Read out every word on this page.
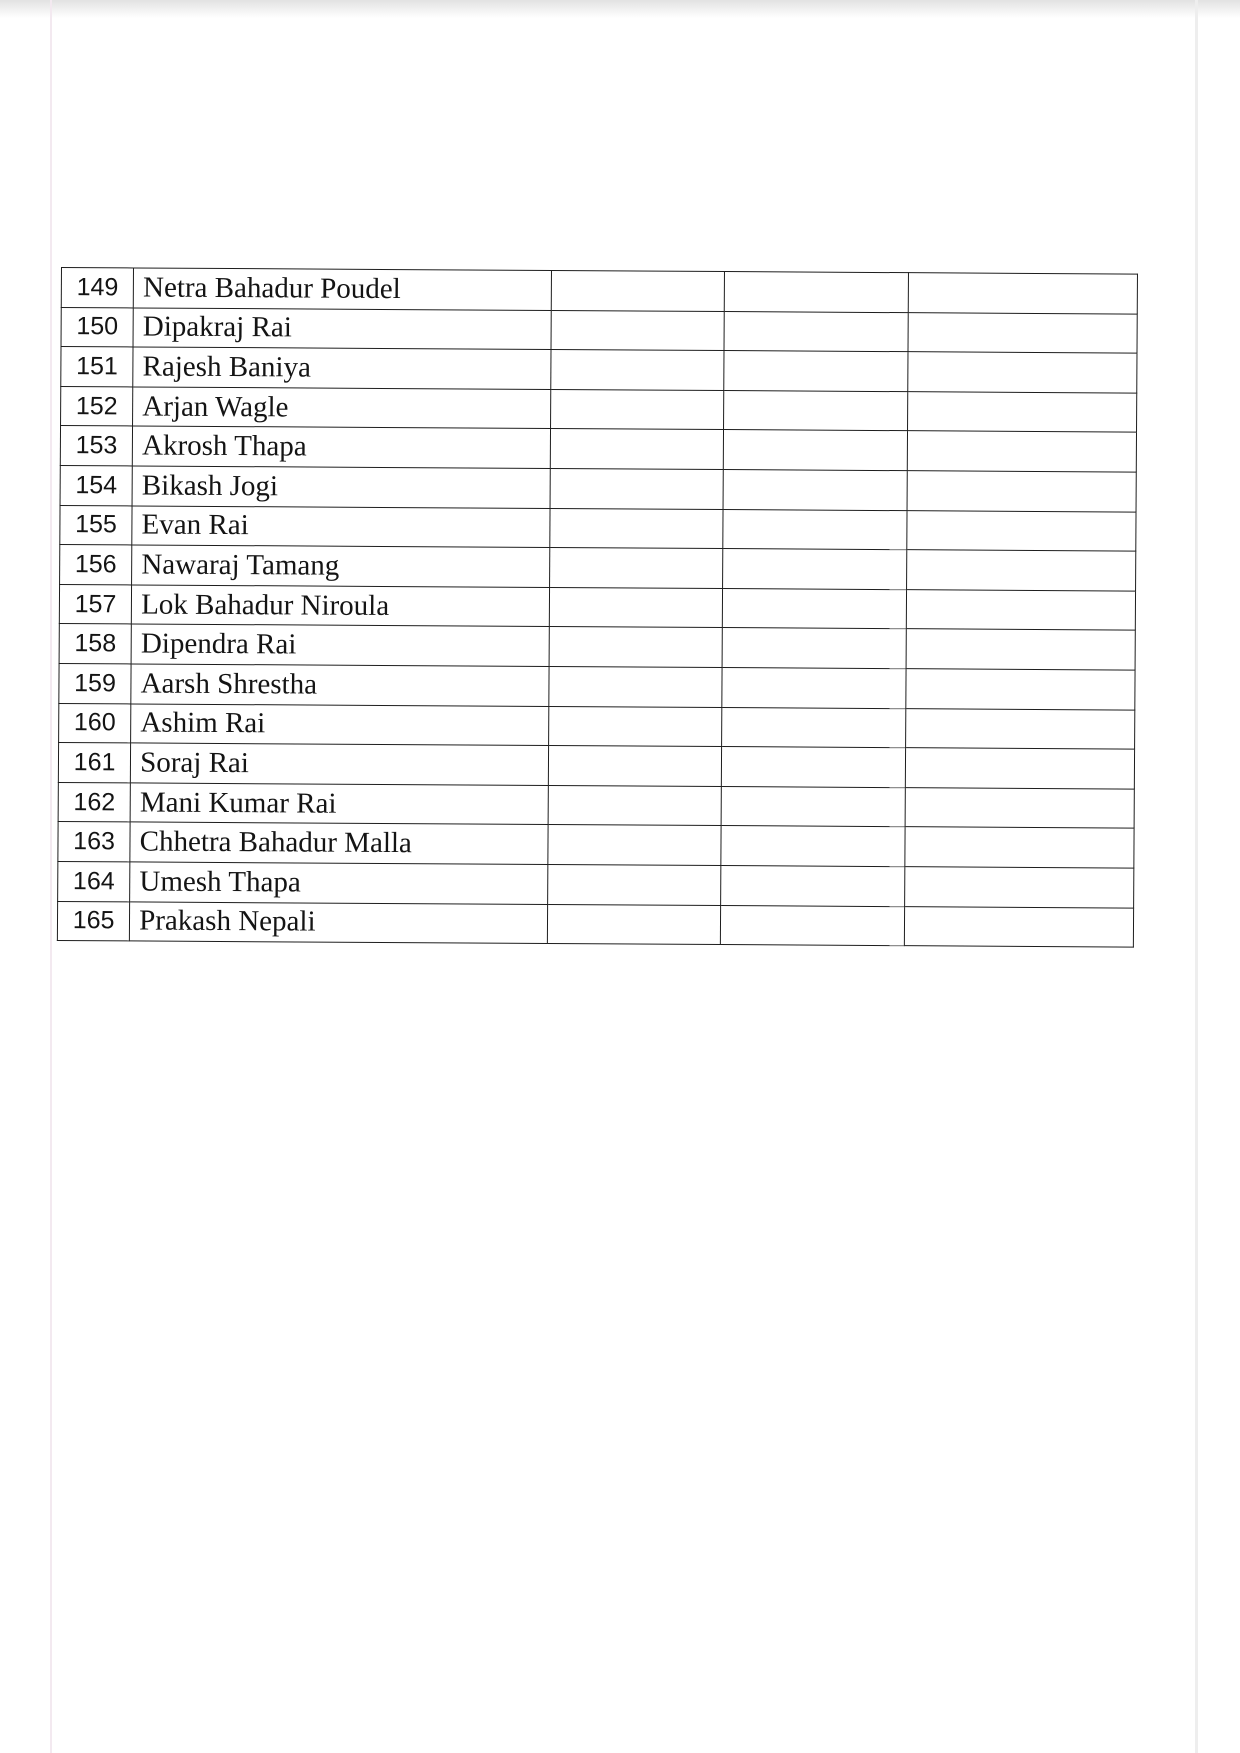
149	Netra Bahadur Poudel			
150	Dipakraj Rai			
151	Rajesh Baniya			
152	Arjan Wagle			
153	Akrosh Thapa			
154	Bikash Jogi			
155	Evan Rai			
156	Nawaraj Tamang			
157	Lok Bahadur Niroula			
158	Dipendra Rai			
159	Aarsh Shrestha			
160	Ashim Rai			
161	Soraj Rai			
162	Mani Kumar Rai			
163	Chhetra Bahadur Malla			
164	Umesh Thapa			
165	Prakash Nepali			
